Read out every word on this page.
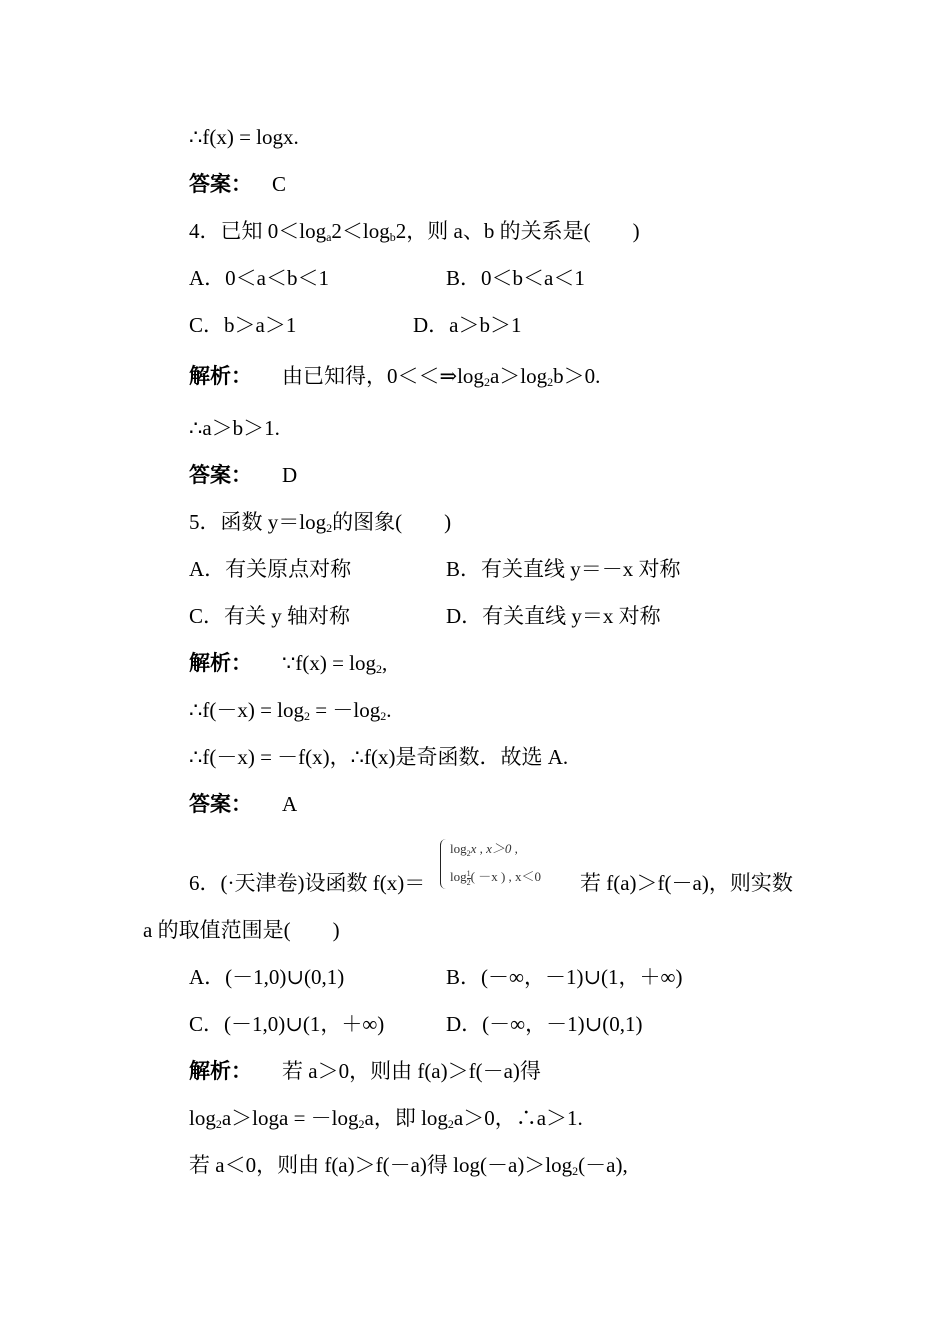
∴f(x) = logx.
答案： C
4．已知 $0<\log_a2<\log_b2$，则 a、b 的关系是(　　)
A．0＜a＜b＜1	B．0＜b＜a＜1
C．b＞a＞1	D．a＞b＞1
解析： 由已知得，$0<<\Rightarrow\log_2a>\log_2b>0$.
∴a＞b＞1.
答案： D
5．函数 $y=\log_2$的图象(　　)
A．有关原点对称	B．有关直线 y＝－x 对称
C．有关 y 轴对称	D．有关直线 y＝x 对称
解析： ∵f(x) = $\log_2$,
∴f(－x) = $\log_2 = -\log_2$.
∴f(－x) = －f(x)，∴f(x)是奇函数．故选 A.
答案： A
$\log_2x$ , x＞0 ,
$\log \frac{1}{2}( -x$ ) , x＜0
6．(·天津卷)设函数 f(x)＝	若 f(a)＞f(－a)，则实数
a 的取值范围是(　　)
A．(－1,0)∪(0,1)	B．(－∞，－1)∪(1，＋∞)
C．(－1,0)∪(1，＋∞)	D．(－∞，－1)∪(0,1)
解析： 若 a＞0，则由 f(a)＞f(－a)得
$\log_2a>\log a = -\log_2a$，即 $\log_2a>0$，∴a＞1.
若 a＜0，则由 f(a)＞f(－a)得 $\log(-a)>\log_2(-a)$,
